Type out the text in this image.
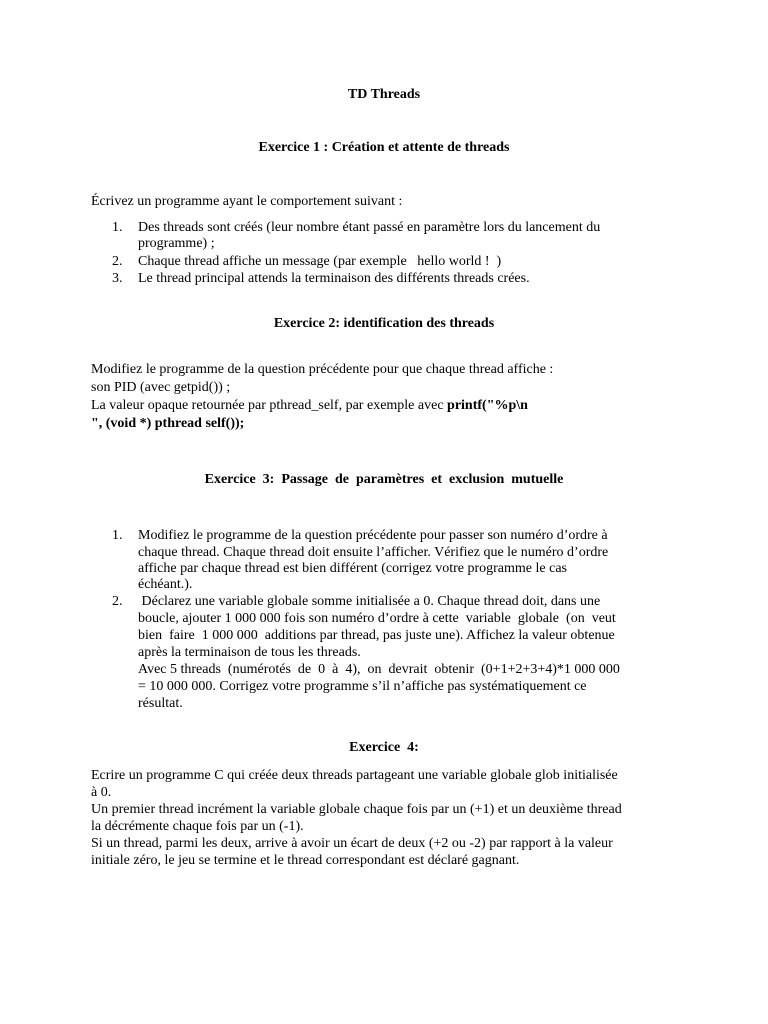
TD Threads
Exercice 1 : Création et attente de threads
Écrivez un programme ayant le comportement suivant :
1.	Des threads sont créés (leur nombre étant passé en paramètre lors du lancement du
programme) ;
2.	Chaque thread affiche un message (par exemple   hello world !  )
3.	Le thread principal attends la terminaison des différents threads crées.
Exercice 2: identification des threads
Modifiez le programme de la question précédente pour que chaque thread affiche :
son PID (avec getpid()) ;
La valeur opaque retournée par pthread_self, par exemple avec printf("%p\n
", (void *) pthread self());
Exercice  3:  Passage  de  paramètres  et  exclusion  mutuelle
1.	Modifiez le programme de la question précédente pour passer son numéro d’ordre à
chaque thread. Chaque thread doit ensuite l’afficher. Vérifiez que le numéro d’ordre
affiche par chaque thread est bien différent (corrigez votre programme le cas
échéant.).
2.	Déclarez une variable globale somme initialisée a 0. Chaque thread doit, dans une
boucle, ajouter 1 000 000 fois son numéro d’ordre à cette  variable  globale  (on  veut
bien  faire  1 000 000  additions par thread, pas juste une). Affichez la valeur obtenue
après la terminaison de tous les threads.
Avec 5 threads  (numérotés  de  0  à  4),  on  devrait  obtenir  (0+1+2+3+4)*1 000 000
= 10 000 000. Corrigez votre programme s’il n’affiche pas systématiquement ce
résultat.
Exercice  4:
Ecrire un programme C qui créée deux threads partageant une variable globale glob initialisée
à 0.
Un premier thread incrément la variable globale chaque fois par un (+1) et un deuxième thread
la décrémente chaque fois par un (-1).
Si un thread, parmi les deux, arrive à avoir un écart de deux (+2 ou -2) par rapport à la valeur
initiale zéro, le jeu se termine et le thread correspondant est déclaré gagnant.
